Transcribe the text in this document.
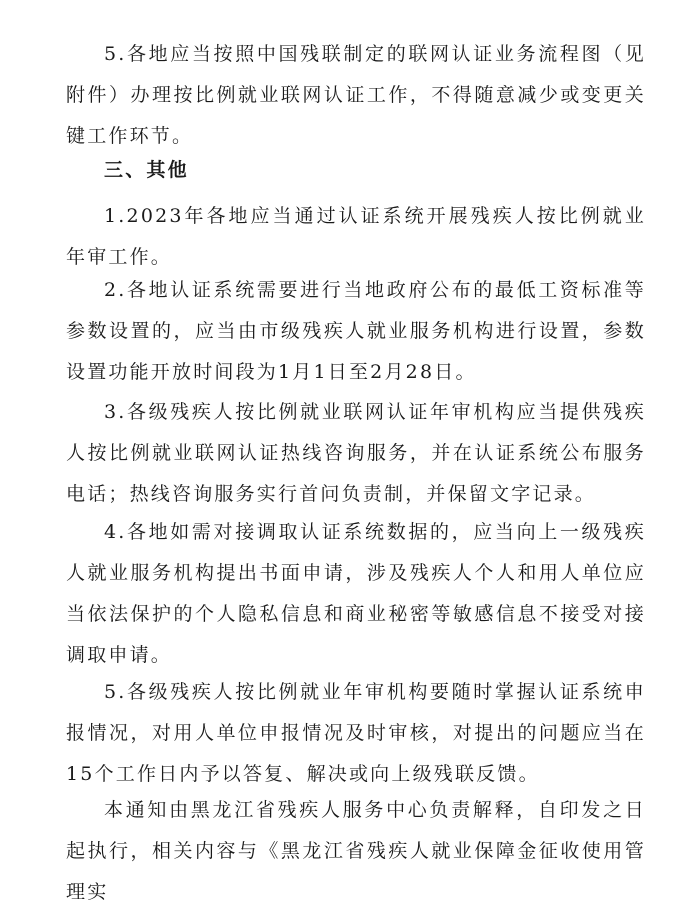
5.各地应当按照中国残联制定的联网认证业务流程图（见附件）办理按比例就业联网认证工作，不得随意减少或变更关键工作环节。

三、其他

1.2023年各地应当通过认证系统开展残疾人按比例就业年审工作。

2.各地认证系统需要进行当地政府公布的最低工资标准等参数设置的，应当由市级残疾人就业服务机构进行设置，参数设置功能开放时间段为1月1日至2月28日。

3.各级残疾人按比例就业联网认证年审机构应当提供残疾人按比例就业联网认证热线咨询服务，并在认证系统公布服务电话；热线咨询服务实行首问负责制，并保留文字记录。

4.各地如需对接调取认证系统数据的，应当向上一级残疾人就业服务机构提出书面申请，涉及残疾人个人和用人单位应当依法保护的个人隐私信息和商业秘密等敏感信息不接受对接调取申请。

5.各级残疾人按比例就业年审机构要随时掌握认证系统申报情况，对用人单位申报情况及时审核，对提出的问题应当在15个工作日内予以答复、解决或向上级残联反馈。

本通知由黑龙江省残疾人服务中心负责解释，自印发之日起执行，相关内容与《黑龙江省残疾人就业保障金征收使用管理实
